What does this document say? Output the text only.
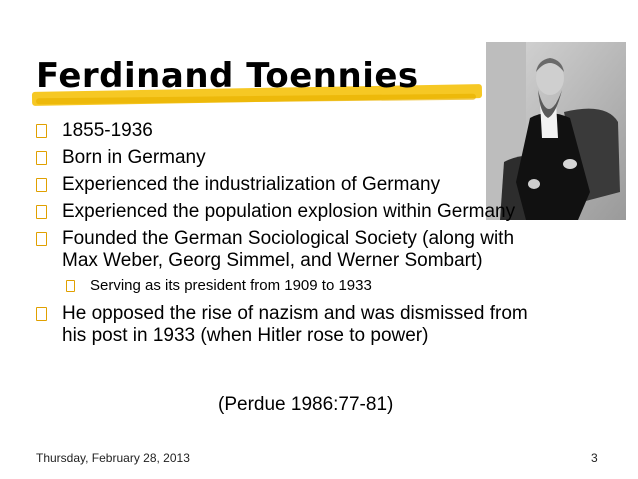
Ferdinand Toennies
1855-1936
Born in Germany
Experienced the industrialization of Germany
Experienced the population explosion within Germany
Founded the German Sociological Society (along with
Max Weber, Georg Simmel, and Werner Sombart)
Serving as its president from 1909 to 1933
He opposed the rise of nazism and was dismissed from
his post in 1933 (when Hitler rose to power)
(Perdue 1986:77-81)
Thursday, February 28, 2013	3
